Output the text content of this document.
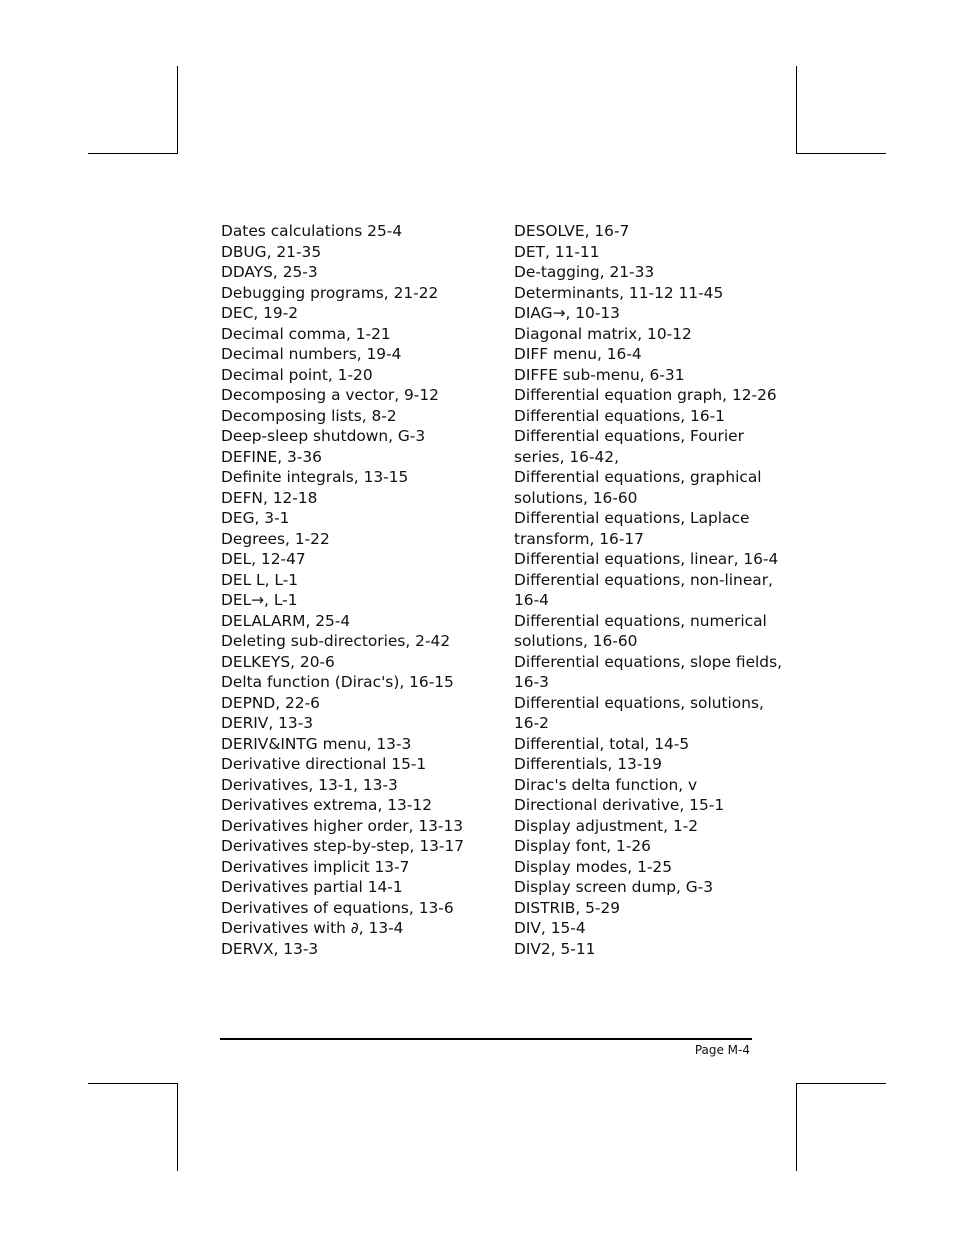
Dates calculations 25-4
DBUG, 21-35
DDAYS, 25-3
Debugging programs, 21-22
DEC, 19-2
Decimal comma, 1-21
Decimal numbers, 19-4
Decimal point, 1-20
Decomposing a vector, 9-12
Decomposing lists, 8-2
Deep-sleep shutdown, G-3
DEFINE, 3-36
Definite integrals, 13-15
DEFN, 12-18
DEG, 3-1
Degrees, 1-22
DEL, 12-47
DEL L, L-1
DEL→, L-1
DELALARM, 25-4
Deleting sub-directories, 2-42
DELKEYS, 20-6
Delta function (Dirac's), 16-15
DEPND, 22-6
DERIV, 13-3
DERIV&INTG menu, 13-3
Derivative directional 15-1
Derivatives, 13-1, 13-3
Derivatives extrema, 13-12
Derivatives higher order, 13-13
Derivatives step-by-step, 13-17
Derivatives implicit 13-7
Derivatives partial 14-1
Derivatives of equations, 13-6
Derivatives with ∂, 13-4
DERVX, 13-3
DESOLVE, 16-7
DET, 11-11
De-tagging, 21-33
Determinants, 11-12 11-45
DIAG→, 10-13
Diagonal matrix, 10-12
DIFF menu, 16-4
DIFFE sub-menu, 6-31
Differential equation graph, 12-26
Differential equations, 16-1
Differential equations, Fourier
series, 16-42,
Differential equations, graphical
solutions, 16-60
Differential equations, Laplace
transform, 16-17
Differential equations, linear, 16-4
Differential equations, non-linear,
16-4
Differential equations, numerical
solutions, 16-60
Differential equations, slope fields,
16-3
Differential equations, solutions,
16-2
Differential, total, 14-5
Differentials, 13-19
Dirac's delta function, v
Directional derivative, 15-1
Display adjustment, 1-2
Display font, 1-26
Display modes, 1-25
Display screen dump, G-3
DISTRIB, 5-29
DIV, 15-4
DIV2, 5-11
Page M-4
